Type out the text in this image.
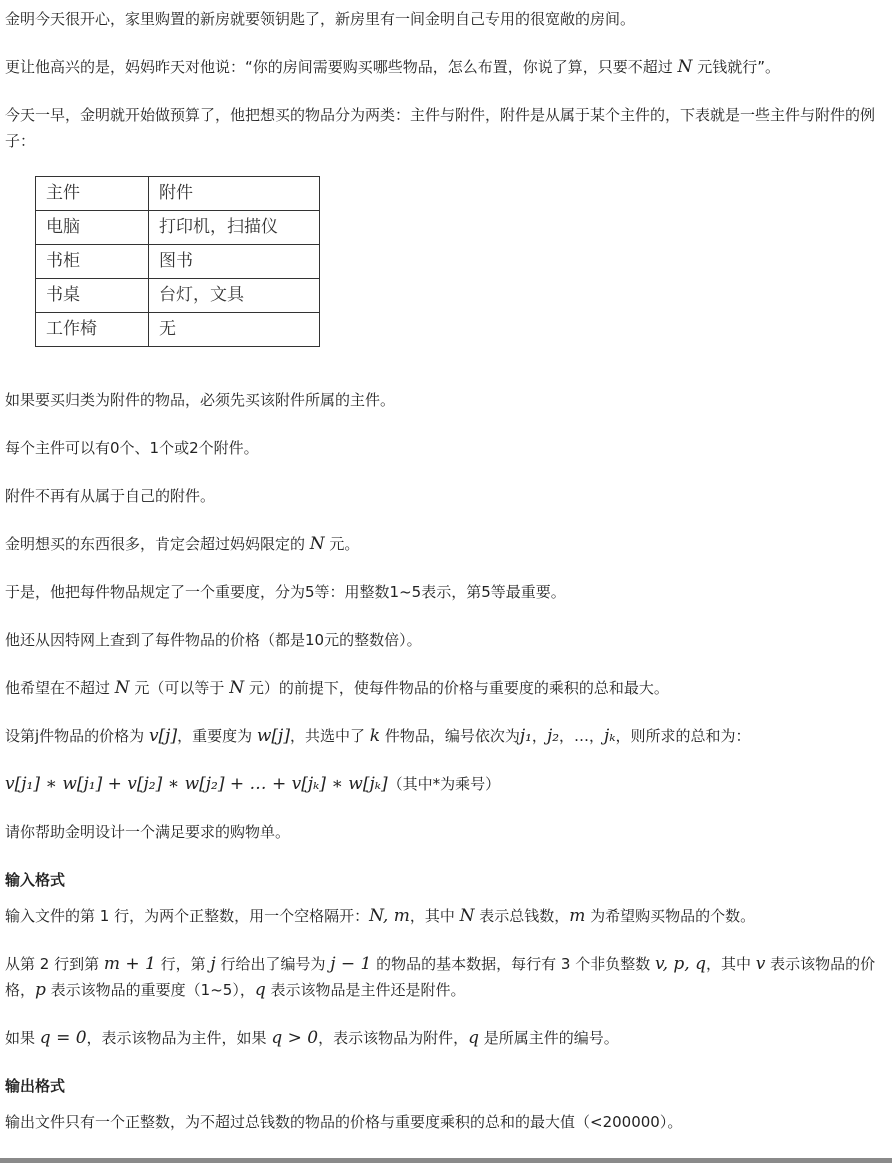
金明今天很开心，家里购置的新房就要领钥匙了，新房里有一间金明自己专用的很宽敞的房间。

更让他高兴的是，妈妈昨天对他说：“你的房间需要购买哪些物品，怎么布置，你说了算，只要不超过 N 元钱就行”。

今天一早，金明就开始做预算了，他把想买的物品分为两类：主件与附件，附件是从属于某个主件的，下表就是一些主件与附件的例子：

主件	附件
电脑	打印机，扫描仪
书柜	图书
书桌	台灯，文具
工作椅	无

如果要买归类为附件的物品，必须先买该附件所属的主件。

每个主件可以有0个、1个或2个附件。

附件不再有从属于自己的附件。

金明想买的东西很多，肯定会超过妈妈限定的 N 元。

于是，他把每件物品规定了一个重要度，分为5等：用整数1~5表示，第5等最重要。

他还从因特网上查到了每件物品的价格（都是10元的整数倍）。

他希望在不超过 N 元（可以等于 N 元）的前提下，使每件物品的价格与重要度的乘积的总和最大。

设第j件物品的价格为 v[j]，重要度为 w[j]，共选中了 k 件物品，编号依次为j₁，j₂，…，jₖ，则所求的总和为：

v[j₁] ∗ w[j₁] + v[j₂] ∗ w[j₂] + … + v[jₖ] ∗ w[jₖ]（其中*为乘号）

请你帮助金明设计一个满足要求的购物单。

输入格式

输入文件的第 1 行，为两个正整数，用一个空格隔开：N, m，其中 N 表示总钱数，m 为希望购买物品的个数。

从第 2 行到第 m + 1 行，第 j 行给出了编号为 j − 1 的物品的基本数据，每行有 3 个非负整数 v, p, q，其中 v 表示该物品的价格，p 表示该物品的重要度（1~5），q 表示该物品是主件还是附件。

如果 q = 0，表示该物品为主件，如果 q > 0，表示该物品为附件，q 是所属主件的编号。

输出格式

输出文件只有一个正整数，为不超过总钱数的物品的价格与重要度乘积的总和的最大值（<200000）。
